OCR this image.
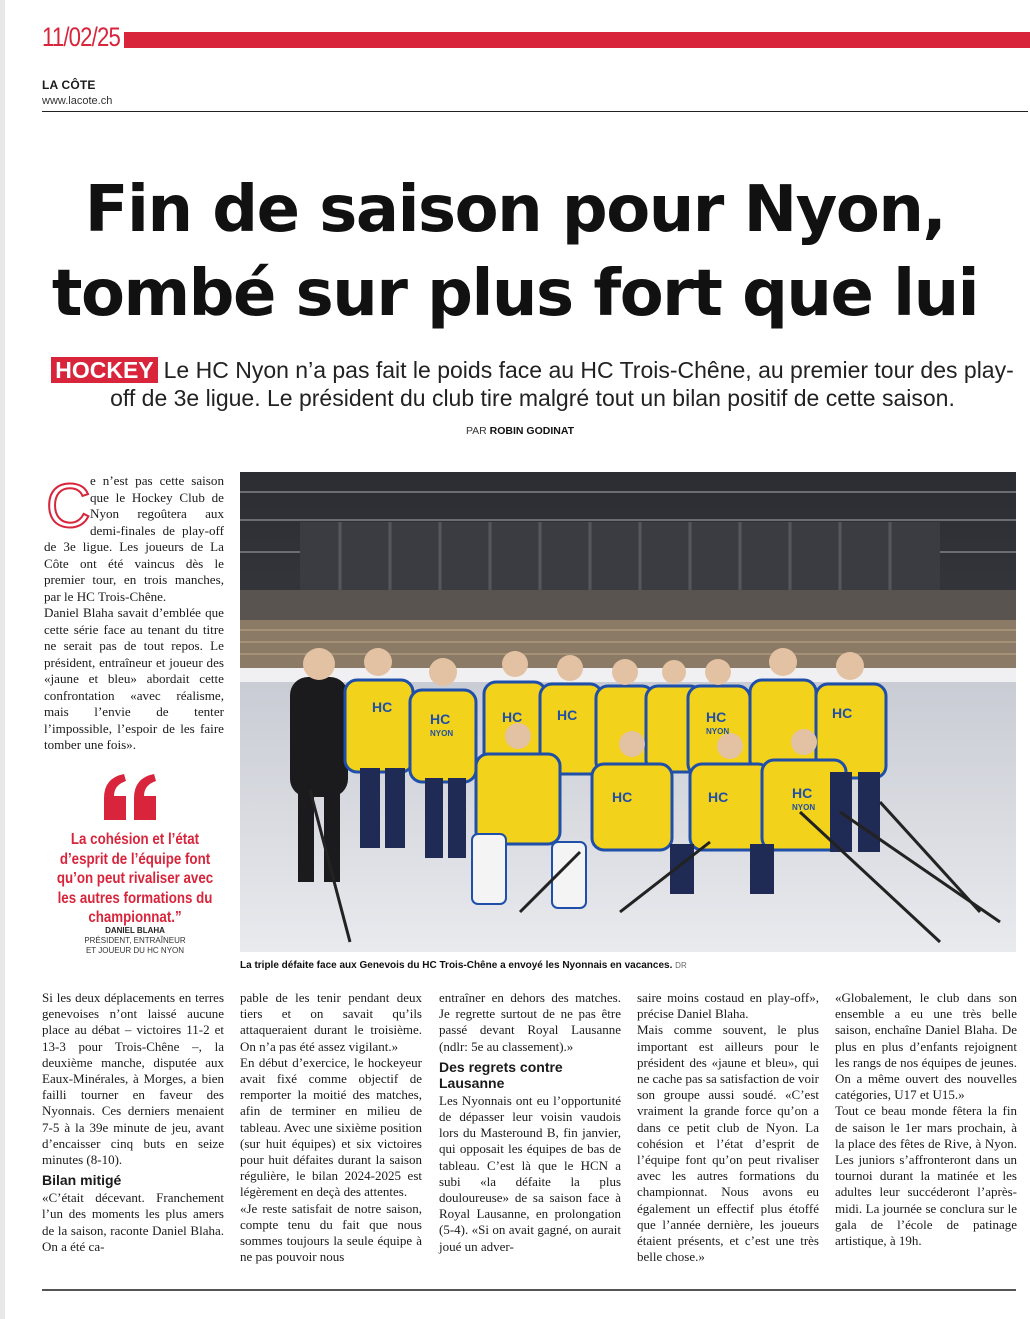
11/02/25
LA CÔTE
www.lacote.ch
Fin de saison pour Nyon,
tombé sur plus fort que lui
HOCKEY Le HC Nyon n’a pas fait le poids face au HC Trois-Chêne, au premier tour des play-off de 3e ligue. Le président du club tire malgré tout un bilan positif de cette saison.
PAR ROBIN GODINAT
C e n’est pas cette saison que le Hockey Club de Nyon regoûtera aux demi-finales de play-off de 3e ligue. Les joueurs de La Côte ont été vaincus dès le premier tour, en trois manches, par le HC Trois-Chêne.
Daniel Blaha savait d’emblée que cette série face au tenant du titre ne serait pas de tout repos. Le président, entraîneur et joueur des «jaune et bleu» abordait cette confrontation «avec réalisme, mais l’envie de tenter l’impossible, l’espoir de les faire tomber une fois».
La cohésion et l’état d’esprit de l’équipe font qu’on peut rivaliser avec les autres formations du championnat.”
DANIEL BLAHA
PRÉSIDENT, ENTRAÎNEUR
ET JOUEUR DU HC NYON
HC
HC	HC HC	HC	HC
HC	HC	HC
NYON	NYON
NYON
La triple défaite face aux Genevois du HC Trois-Chêne a envoyé les Nyonnais en vacances. DR

Si les deux déplacements en terres genevoises n’ont laissé aucune place au débat – victoires 11-2 et 13-3 pour Trois-Chêne –, la deuxième manche, disputée aux Eaux-Minérales, à Morges, a bien failli tourner en faveur des Nyonnais. Ces derniers menaient 7-5 à la 39e minute de jeu, avant d’encaisser cinq buts en seize minutes (8-10).

Bilan mitigé

«C’était décevant. Franchement l’un des moments les plus amers de la saison, raconte Daniel Blaha. On a été ca-

pable de les tenir pendant deux tiers et on savait qu’ils attaqueraient durant le troisième. On n’a pas été assez vigilant.»

En début d’exercice, le hockeyeur avait fixé comme objectif de remporter la moitié des matches, afin de terminer en milieu de tableau. Avec une sixième position (sur huit équipes) et six victoires pour huit défaites durant la saison régulière, le bilan 2024-2025 est légèrement en deçà des attentes.

«Je reste satisfait de notre saison, compte tenu du fait que nous sommes toujours la seule équipe à ne pas pouvoir nous

entraîner en dehors des matches. Je regrette surtout de ne pas être passé devant Royal Lausanne (ndlr: 5e au classement).»

Des regrets contre Lausanne

Les Nyonnais ont eu l’opportunité de dépasser leur voisin vaudois lors du Masteround B, fin janvier, qui opposait les équipes de bas de tableau. C’est là que le HCN a subi «la défaite la plus douloureuse» de sa saison face à Royal Lausanne, en prolongation (5-4). «Si on avait gagné, on aurait joué un adver-

saire moins costaud en play-off», précise Daniel Blaha.

Mais comme souvent, le plus important est ailleurs pour le président des «jaune et bleu», qui ne cache pas sa satisfaction de voir son groupe aussi soudé. «C’est vraiment la grande force qu’on a dans ce petit club de Nyon. La cohésion et l’état d’esprit de l’équipe font qu’on peut rivaliser avec les autres formations du championnat. Nous avons eu également un effectif plus étoffé que l’année dernière, les joueurs étaient présents, et c’est une très belle chose.»

«Globalement, le club dans son ensemble a eu une très belle saison, enchaîne Daniel Blaha. De plus en plus d’enfants rejoignent les rangs de nos équipes de jeunes. On a même ouvert des nouvelles catégories, U17 et U15.»

Tout ce beau monde fêtera la fin de saison le 1er mars prochain, à la place des fêtes de Rive, à Nyon. Les juniors s’affronteront dans un tournoi durant la matinée et les adultes leur succéderont l’après-midi. La journée se conclura sur le gala de l’école de patinage artistique, à 19h.
